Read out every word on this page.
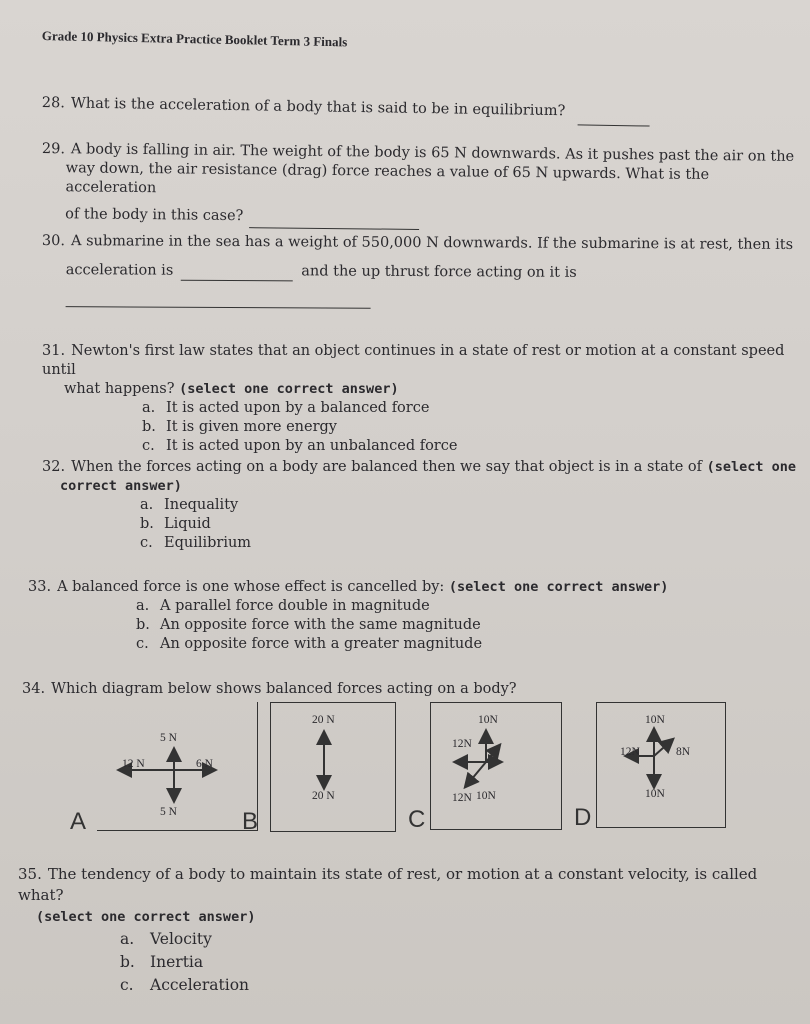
Grade 10 Physics Extra Practice Booklet Term 3 Finals
28. What is the acceleration of a body that is said to be in equilibrium?
29. A body is falling in air. The weight of the body is 65 N downwards. As it pushes past the air on the
way down, the air resistance (drag) force reaches a value of 65 N upwards. What is the acceleration
of the body in this case?
30. A submarine in the sea has a weight of 550,000 N downwards. If the submarine is at rest, then its
acceleration is	and the up thrust force acting on it is
31. Newton's first law states that an object continues in a state of rest or motion at a constant speed until
what happens? (select one correct answer)
a. It is acted upon by a balanced force
b. It is given more energy
c. It is acted upon by an unbalanced force
32. When the forces acting on a body are balanced then we say that object is in a state of (select one
correct answer)
a. Inequality
b. Liquid
c. Equilibrium
33. A balanced force is one whose effect is cancelled by: (select one correct answer)
a. A parallel force double in magnitude
b. An opposite force with the same magnitude
c. An opposite force with a greater magnitude
34. Which diagram below shows balanced forces acting on a body?
A	B	C	D
5 N
5 N
12 N	6 N
20 N
20 N
10N
12N
12N 10N
10N
12N	8N
10N
35. The tendency of a body to maintain its state of rest, or motion at a constant velocity, is called what?
(select one correct answer)
a. Velocity
b. Inertia
c. Acceleration
